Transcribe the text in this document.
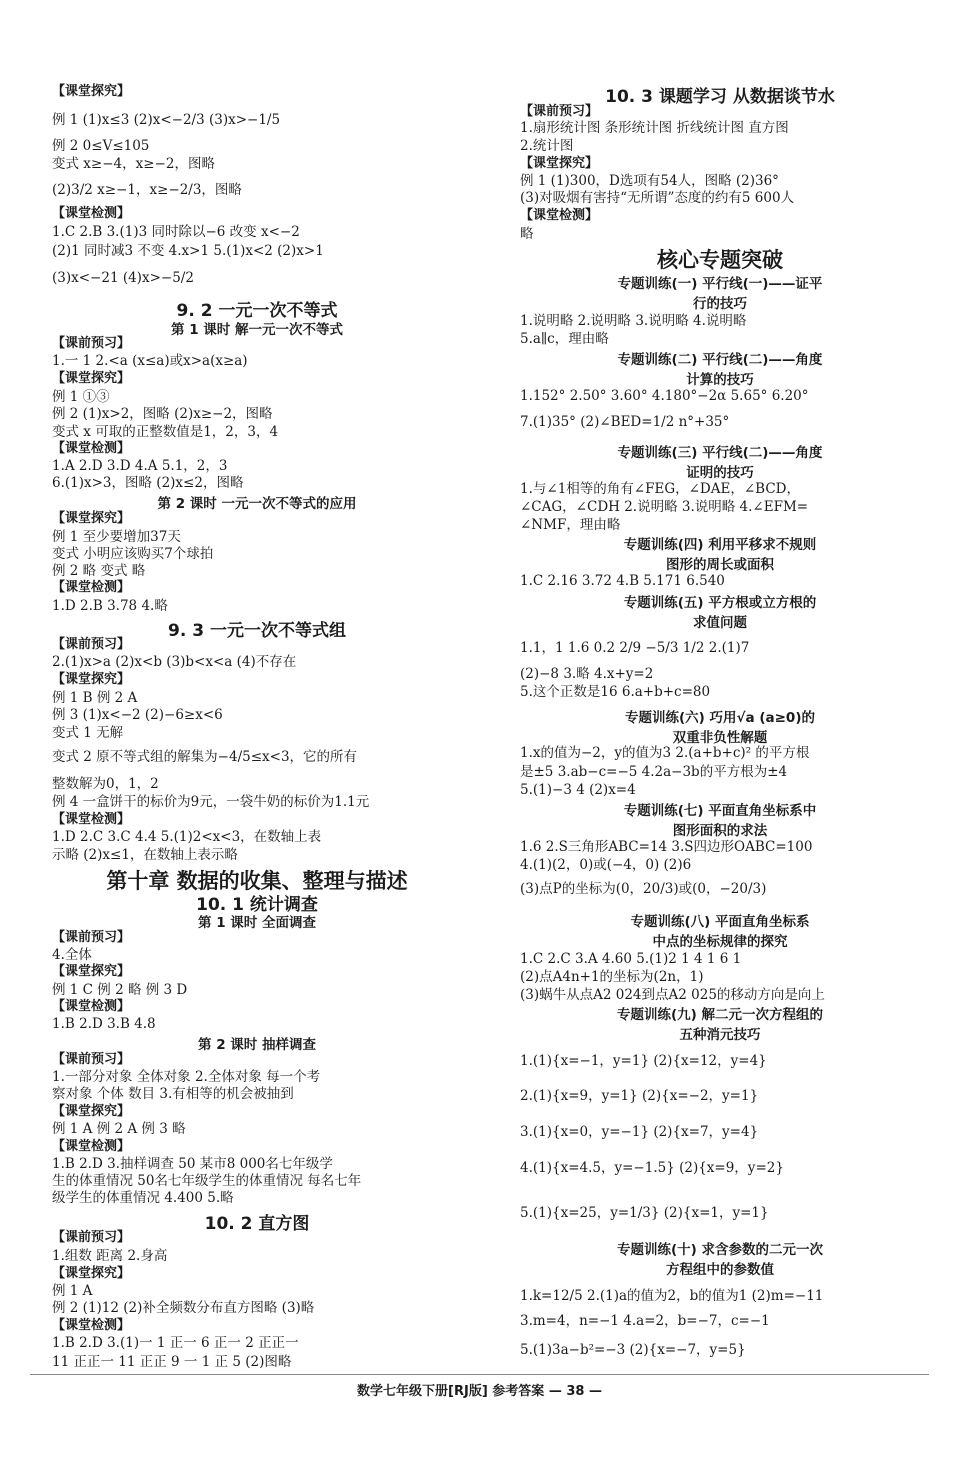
【课堂探究】
例 1 (1)x≤3 (2)x<−2/3 (3)x>−1/5
例 2 0≤V≤105
变式 x≥−4，x≥−2，图略
(2)3/2 x≥−1，x≥−2/3，图略
【课堂检测】
1.C 2.B 3.(1)3 同时除以−6 改变 x<−2
(2)1 同时减3 不变 4.x>1 5.(1)x<2 (2)x>1
(3)x<−21 (4)x>−5/2
9. 2 一元一次不等式
第 1 课时 解一元一次不等式
【课前预习】
1.一 1 2.<a (x≤a)或x>a(x≥a)
【课堂探究】
例 1 ①③
例 2 (1)x>2，图略 (2)x≥−2，图略
变式 x 可取的正整数值是1，2，3，4
【课堂检测】
1.A 2.D 3.D 4.A 5.1，2，3
6.(1)x>3，图略 (2)x≤2，图略
第 2 课时 一元一次不等式的应用
【课堂探究】
例 1 至少要增加37天
变式 小明应该购买7个球拍
例 2 略 变式 略
【课堂检测】
1.D 2.B 3.78 4.略
9. 3 一元一次不等式组
【课前预习】
2.(1)x>a (2)x<b (3)b<x<a (4)不存在
【课堂探究】
例 1 B 例 2 A
例 3 (1)x<−2 (2)−6≥x<6
变式 1 无解
变式 2 原不等式组的解集为−4/5≤x<3，它的所有
整数解为0，1，2
例 4 一盒饼干的标价为9元，一袋牛奶的标价为1.1元
【课堂检测】
1.D 2.C 3.C 4.4 5.(1)2<x<3，在数轴上表
示略 (2)x≤1，在数轴上表示略
第十章 数据的收集、整理与描述
10. 1 统计调查
第 1 课时 全面调查
【课前预习】
4.全体
【课堂探究】
例 1 C 例 2 略 例 3 D
【课堂检测】
1.B 2.D 3.B 4.8
第 2 课时 抽样调查
【课前预习】
1.一部分对象 全体对象 2.全体对象 每一个考
察对象 个体 数目 3.有相等的机会被抽到
【课堂探究】
例 1 A 例 2 A 例 3 略
【课堂检测】
1.B 2.D 3.抽样调查 50 某市8 000名七年级学
生的体重情况 50名七年级学生的体重情况 每名七年
级学生的体重情况 4.400 5.略
10. 2 直方图
【课前预习】
1.组数 距离 2.身高
【课堂探究】
例 1 A
例 2 (1)12 (2)补全频数分布直方图略 (3)略
【课堂检测】
1.B 2.D 3.(1)一 1 正一 6 正一 2 正正一
11 正正一 11 正正 9 一 1 正 5 (2)图略
10. 3 课题学习 从数据谈节水
【课前预习】
1.扇形统计图 条形统计图 折线统计图 直方图
2.统计图
【课堂探究】
例 1 (1)300，D选项有54人，图略 (2)36°
(3)对吸烟有害持“无所谓”态度的约有5 600人
【课堂检测】
略
核心专题突破
专题训练(一) 平行线(一)——证平
行的技巧
1.说明略 2.说明略 3.说明略 4.说明略
5.a∥c，理由略
专题训练(二) 平行线(二)——角度
计算的技巧
1.152° 2.50° 3.60° 4.180°−2α 5.65° 6.20°
7.(1)35° (2)∠BED=1/2 n°+35°
专题训练(三) 平行线(二)——角度
证明的技巧
1.与∠1相等的角有∠FEG，∠DAE，∠BCD，
∠CAG，∠CDH 2.说明略 3.说明略 4.∠EFM=
∠NMF，理由略
专题训练(四) 利用平移求不规则
图形的周长或面积
1.C 2.16 3.72 4.B 5.171 6.540
专题训练(五) 平方根或立方根的
求值问题
1.1，1 1.6 0.2 2/9 −5/3 1/2 2.(1)7
(2)−8 3.略 4.x+y=2
5.这个正数是16 6.a+b+c=80
专题训练(六) 巧用√a (a≥0)的
双重非负性解题
1.x的值为−2，y的值为3 2.(a+b+c)² 的平方根
是±5 3.ab−c=−5 4.2a−3b的平方根为±4
5.(1)−3 4 (2)x=4
专题训练(七) 平面直角坐标系中
图形面积的求法
1.6 2.S三角形ABC=14 3.S四边形OABC=100
4.(1)(2，0)或(−4，0) (2)6
(3)点P的坐标为(0，20/3)或(0，−20/3)
专题训练(八) 平面直角坐标系
中点的坐标规律的探究
1.C 2.C 3.A 4.60 5.(1)2 1 4 1 6 1
(2)点A4n+1的坐标为(2n，1)
(3)蜗牛从点A2 024到点A2 025的移动方向是向上
专题训练(九) 解二元一次方程组的
五种消元技巧
1.(1){x=−1，y=1} (2){x=12，y=4}
2.(1){x=9，y=1} (2){x=−2，y=1}
3.(1){x=0，y=−1} (2){x=7，y=4}
4.(1){x=4.5，y=−1.5} (2){x=9，y=2}
5.(1){x=25，y=1/3} (2){x=1，y=1}
专题训练(十) 求含参数的二元一次
方程组中的参数值
1.k=12/5 2.(1)a的值为2，b的值为1 (2)m=−11
3.m=4，n=−1 4.a=2，b=−7，c=−1
5.(1)3a−b²=−3 (2){x=−7，y=5}
数学七年级下册[RJ版] 参考答案 — 38 —
